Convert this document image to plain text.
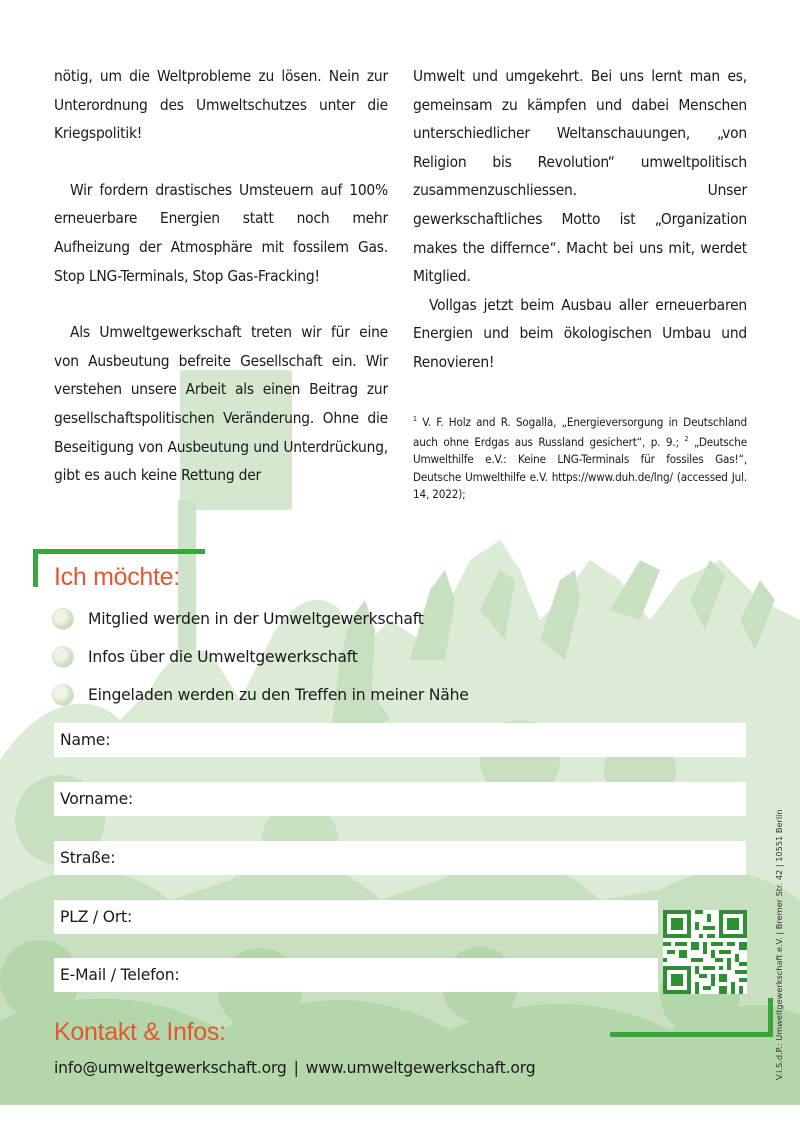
nötig, um die Weltprobleme zu lösen. Nein zur Unterordnung des Umweltschutzes unter die Kriegspolitik!

Wir fordern drastisches Umsteuern auf 100% erneuerbare Energien statt noch mehr Aufheizung der Atmosphäre mit fossilem Gas. Stop LNG-Terminals, Stop Gas-Fracking!

Als Umweltgewerkschaft treten wir für eine von Ausbeutung befreite Gesellschaft ein. Wir verstehen unsere Arbeit als einen Beitrag zur gesellschaftspolitischen Veränderung. Ohne die Beseitigung von Ausbeutung und Unterdrückung, gibt es auch keine Rettung der

Umwelt und umgekehrt. Bei uns lernt man es, gemeinsam zu kämpfen und dabei Menschen unterschiedlicher Weltanschauungen, „von Religion bis Revolution“ umweltpolitisch zusammenzuschliessen. Unser gewerkschaftliches Motto ist „Organization makes the differnce“. Macht bei uns mit, werdet Mitglied.

Vollgas jetzt beim Ausbau aller erneuerbaren Energien und beim ökologischen Umbau und Renovieren!

$^1$ V. F. Holz and R. Sogalla, „Energieversorgung in Deutschland auch ohne Erdgas aus Russland gesichert“, p. 9.; $^2$ „Deutsche Umwelthilfe e.V.: Keine LNG-Terminals für fossiles Gas!“, Deutsche Umwelthilfe e.V. https://www.duh.de/lng/ (accessed Jul. 14, 2022);

Ich möchte:
Mitglied werden in der Umweltgewerkschaft
Infos über die Umweltgewerkschaft
Eingeladen werden zu den Treffen in meiner Nähe
Name:
Vorname:
Straße:
PLZ / Ort:
E-Mail / Telefon:
Kontakt & Infos:
info@umweltgewerkschaft.org | www.umweltgewerkschaft.org	V.i.S.d.P.: Umweltgewerkschaft e.V. | Bremer Str. 42 | 10551 Berlin
